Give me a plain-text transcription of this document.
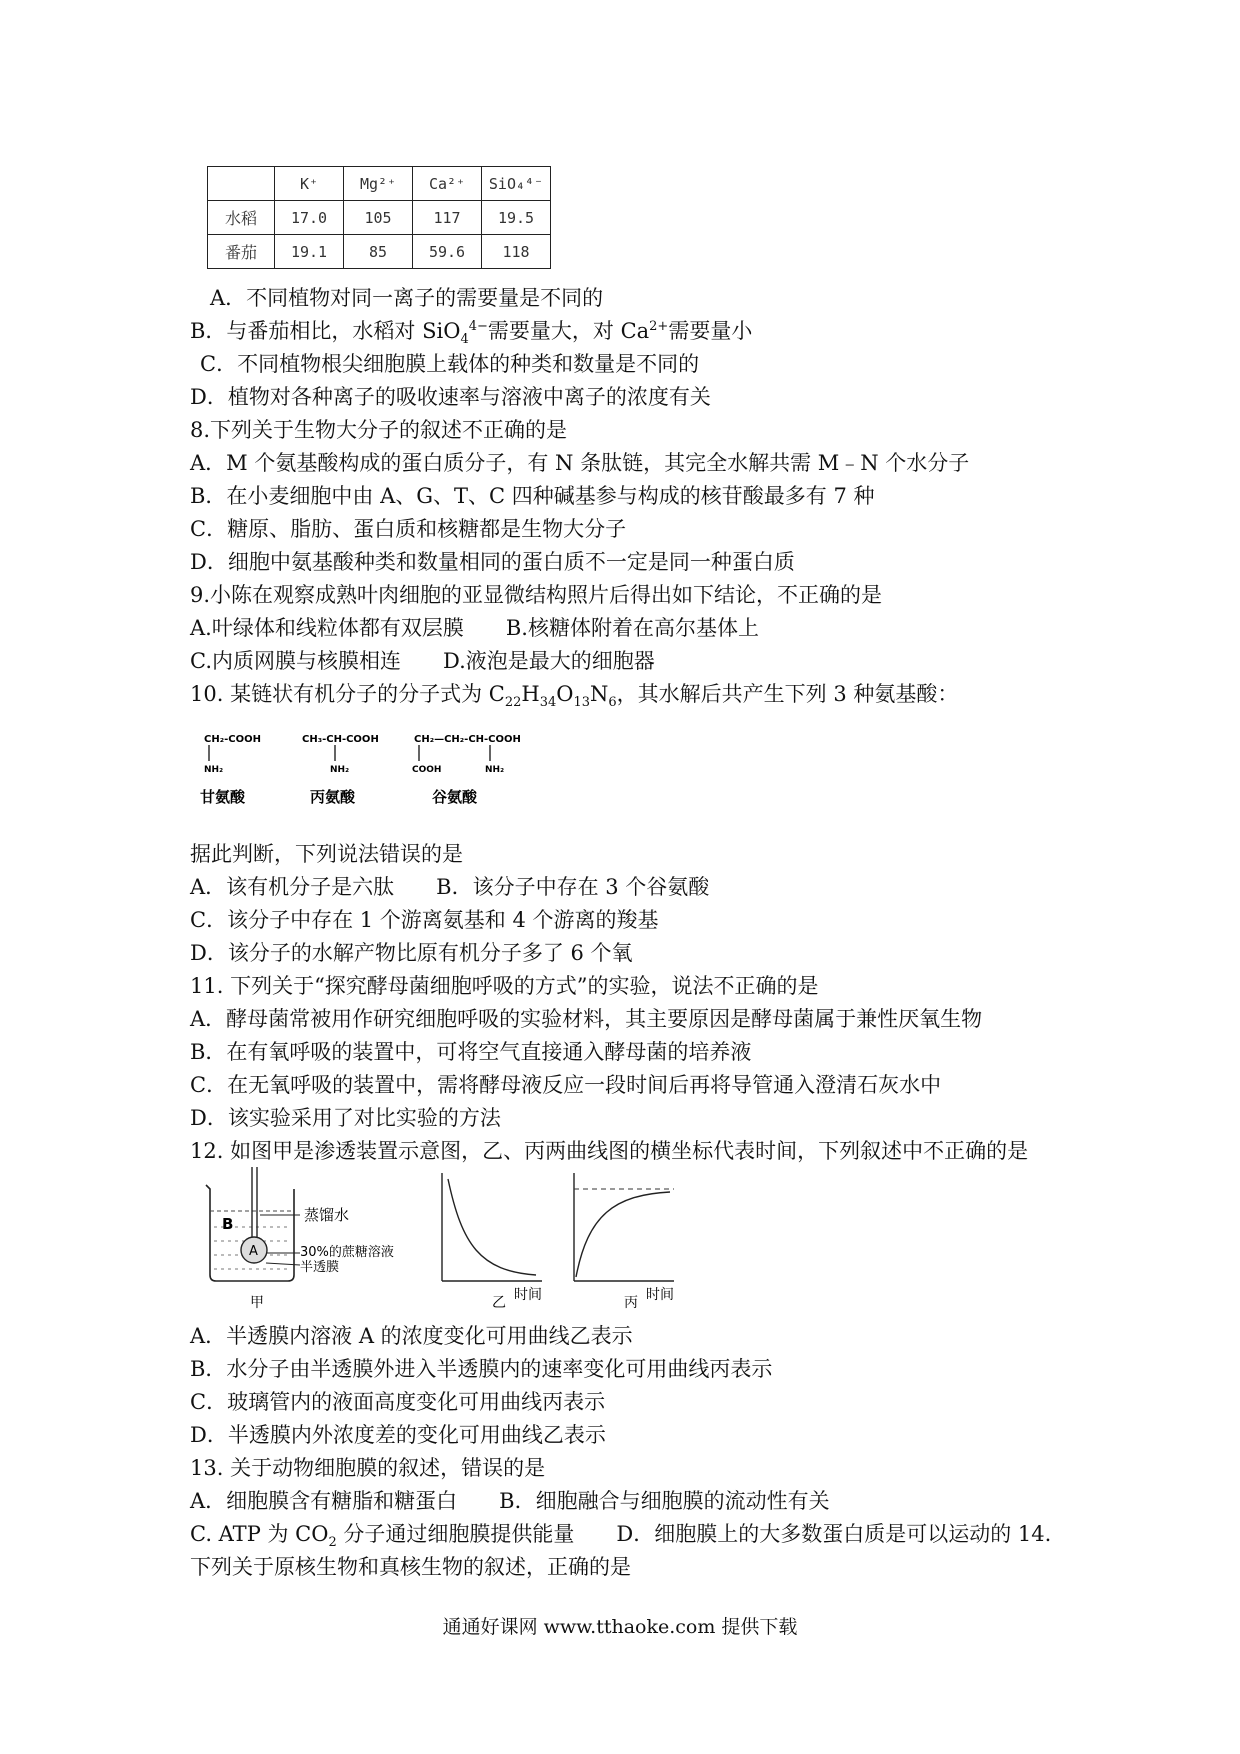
	K⁺	Mg²⁺	Ca²⁺	SiO₄⁴⁻
水稻	17.0	105	117	19.5
番茄	19.1	85	59.6	118
A．不同植物对同一离子的需要量是不同的
B．与番茄相比，水稻对 SiO$_4^{4-}$需要量大，对 $Ca^{2+}$需要量小
C．不同植物根尖细胞膜上载体的种类和数量是不同的
D．植物对各种离子的吸收速率与溶液中离子的浓度有关
8.下列关于生物大分子的叙述不正确的是
A．M 个氨基酸构成的蛋白质分子，有 N 条肽链，其完全水解共需 M﹣N 个水分子
B．在小麦细胞中由 A、G、T、C 四种碱基参与构成的核苷酸最多有 7 种
C．糖原、脂肪、蛋白质和核糖都是生物大分子
D．细胞中氨基酸种类和数量相同的蛋白质不一定是同一种蛋白质
9.小陈在观察成熟叶肉细胞的亚显微结构照片后得出如下结论，不正确的是
A.叶绿体和线粒体都有双层膜　　B.核糖体附着在高尔基体上
C.内质网膜与核膜相连　　D.液泡是最大的细胞器
10. 某链状有机分子的分子式为 $C_{22}H_{34}O_{13}N_6$，其水解后共产生下列 3 种氨基酸：
CH₂-COOH
NH₂
CH₃-CH-COOH
NH₂
CH₂—CH₂-CH-COOH
COOH	NH₂
甘氨酸	丙氨酸	谷氨酸
据此判断，下列说法错误的是
A．该有机分子是六肽　　B．该分子中存在 3 个谷氨酸
C．该分子中存在 1 个游离氨基和 4 个游离的羧基
D．该分子的水解产物比原有机分子多了 6 个氧
11. 下列关于“探究酵母菌细胞呼吸的方式”的实验，说法不正确的是
A．酵母菌常被用作研究细胞呼吸的实验材料，其主要原因是酵母菌属于兼性厌氧生物
B．在有氧呼吸的装置中，可将空气直接通入酵母菌的培养液
C．在无氧呼吸的装置中，需将酵母液反应一段时间后再将导管通入澄清石灰水中
D．该实验采用了对比实验的方法
12. 如图甲是渗透装置示意图，乙、丙两曲线图的横坐标代表时间，下列叙述中不正确的是
A
B	蒸馏水
30%的蔗糖溶液
半透膜
甲	乙 时间	丙 时间
A．半透膜内溶液 A 的浓度变化可用曲线乙表示
B．水分子由半透膜外进入半透膜内的速率变化可用曲线丙表示
C．玻璃管内的液面高度变化可用曲线丙表示
D．半透膜内外浓度差的变化可用曲线乙表示
13. 关于动物细胞膜的叙述，错误的是
A．细胞膜含有糖脂和糖蛋白　　B．细胞融合与细胞膜的流动性有关
C. ATP 为 $CO_2$ 分子通过细胞膜提供能量　　D．细胞膜上的大多数蛋白质是可以运动的 14.
下列关于原核生物和真核生物的叙述，正确的是
通通好课网 www.tthaoke.com 提供下载
